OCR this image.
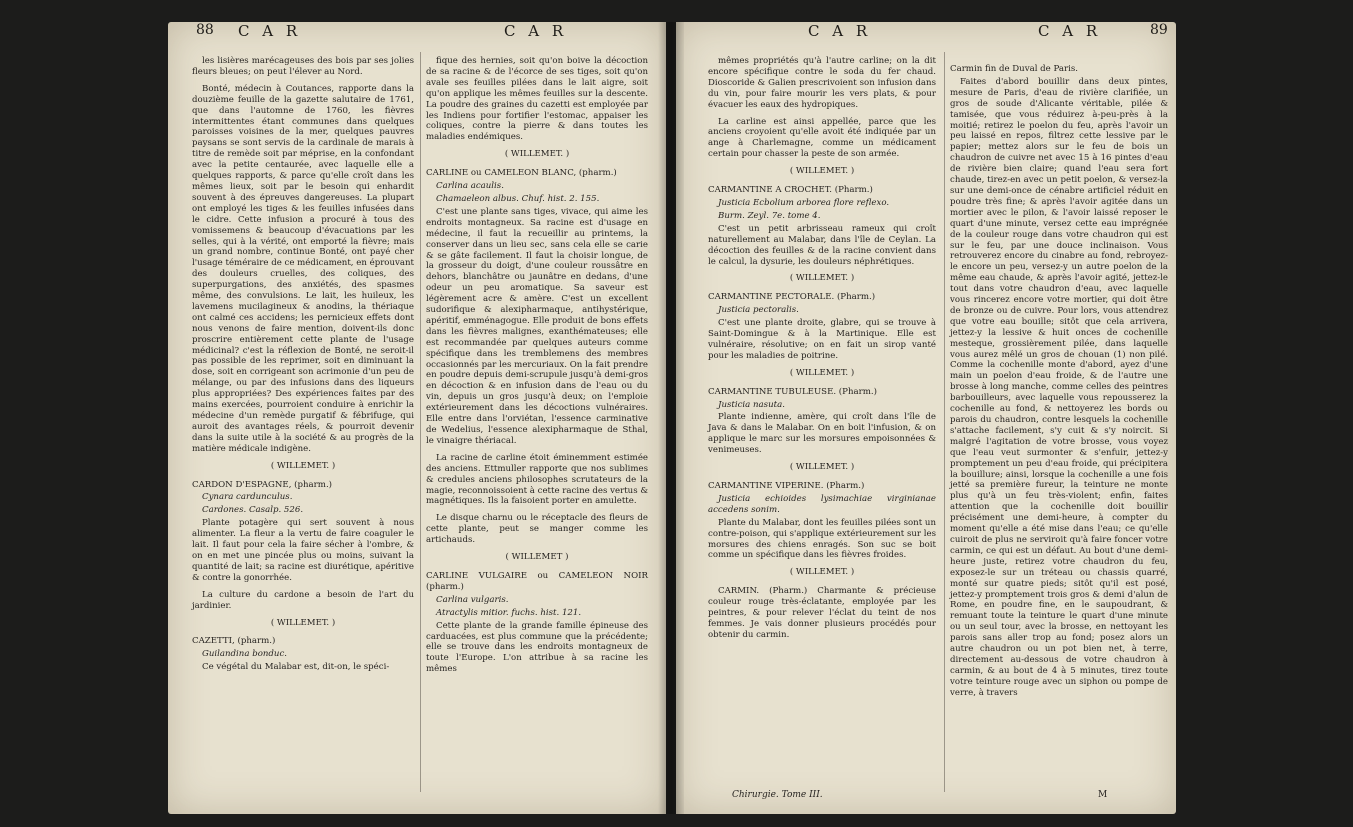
88 C A R	C A R	C A R	C A R	89

les lisières marécageuses des bois par ses jolies fleurs bleues; on peut l'élever au Nord.

Bonté, médecin à Coutances, rapporte dans la douzième feuille de la gazette salutaire de 1761, que dans l'automne de 1760, les fièvres intermittentes étant communes dans quelques paroisses voisines de la mer, quelques pauvres paysans se sont servis de la cardinale de marais à titre de remède soit par méprise, en la confondant avec la petite centaurée, avec laquelle elle a quelques rapports, & parce qu'elle croît dans les mêmes lieux, soit par le besoin qui enhardit souvent à des épreuves dangereuses. La plupart ont employé les tiges & les feuilles infusées dans le cidre. Cette infusion a procuré à tous des vomissemens & beaucoup d'évacuations par les selles, qui à la vérité, ont emporté la fièvre; mais un grand nombre, continue Bonté, ont payé cher l'usage téméraire de ce médicament, en éprouvant des douleurs cruelles, des coliques, des superpurgations, des anxiétés, des spasmes même, des convulsions. Le lait, les huileux, les lavemens mucilagineux & anodins, la thériaque ont calmé ces accidens; les pernicieux effets dont nous venons de faire mention, doivent-ils donc proscrire entièrement cette plante de l'usage médicinal? c'est la réflexion de Bonté, ne seroit-il pas possible de les reprimer, soit en diminuant la dose, soit en corrigeant son acrimonie d'un peu de mélange, ou par des infusions dans des liqueurs plus appropriées? Des expériences faites par des mains exercées, pourroient conduire à enrichir la médecine d'un remède purgatif & fébrifuge, qui auroit des avantages réels, & pourroit devenir dans la suite utile à la société & au progrès de la matière médicale indigène.

( WILLEMET. )

CARDON D'ESPAGNE, (pharm.)

Cynara cardunculus.

Cardones. Casalp. 526.

Plante potagère qui sert souvent à nous alimenter. La fleur a la vertu de faire coaguler le lait. Il faut pour cela la faire sécher à l'ombre, & on en met une pincée plus ou moins, suivant la quantité de lait; sa racine est diurétique, apéritive & contre la gonorrhée.

La culture du cardone a besoin de l'art du jardinier.

( WILLEMET. )

CAZETTI, (pharm.)

Guilandina bonduc.

Ce végétal du Malabar est, dit-on, le spéci-

fique des hernies, soit qu'on boive la décoction de sa racine & de l'écorce de ses tiges, soit qu'on avale ses feuilles pilées dans le lait aigre, soit qu'on applique les mêmes feuilles sur la descente. La poudre des graines du cazetti est employée par les Indiens pour fortifier l'estomac, appaiser les coliques, contre la pierre & dans toutes les maladies endémiques.

( WILLEMET. )

CARLINE ou CAMELEON BLANC, (pharm.)

Carlina acaulis.

Chamaeleon albus. Chuf. hist. 2. 155.

C'est une plante sans tiges, vivace, qui aime les endroits montagneux. Sa racine est d'usage en médecine, il faut la recueillir au printems, la conserver dans un lieu sec, sans cela elle se carie & se gâte facilement. Il faut la choisir longue, de la grosseur du doigt, d'une couleur roussâtre en dehors, blanchâtre ou jaunâtre en dedans, d'une odeur un peu aromatique. Sa saveur est légèrement acre & amère. C'est un excellent sudorifique & alexipharmaque, antihystérique, apéritif, emménagogue. Elle produit de bons effets dans les fièvres malignes, exanthémateuses; elle est recommandée par quelques auteurs comme spécifique dans les tremblemens des membres occasionnés par les mercuriaux. On la fait prendre en poudre depuis demi-scrupule jusqu'à demi-gros en décoction & en infusion dans de l'eau ou du vin, depuis un gros jusqu'à deux; on l'emploie extérieurement dans les décoctions vulnéraires. Elle entre dans l'orviétan, l'essence carminative de Wedelius, l'essence alexipharmaque de Sthal, le vinaigre thériacal.

La racine de carline étoit éminemment estimée des anciens. Ettmuller rapporte que nos sublimes & credules anciens philosophes scrutateurs de la magie, reconnoissoient à cette racine des vertus & magnétiques. Ils la faisoient porter en amulette.

Le disque charnu ou le réceptacle des fleurs de cette plante, peut se manger comme les artichauds.

( WILLEMET )

CARLINE VULGAIRE ou CAMELEON NOIR (pharm.)

Carlina vulgaris.

Atractylis mitior. fuchs. hist. 121.

Cette plante de la grande famille épineuse des carduacées, est plus commune que la précédente; elle se trouve dans les endroits montagneux de toute l'Europe. L'on attribue à sa racine les mêmes

mêmes propriétés qu'à l'autre carline; on la dit encore spécifique contre le soda du fer chaud. Dioscoride & Galien prescrivoient son infusion dans du vin, pour faire mourir les vers plats, & pour évacuer les eaux des hydropiques.

La carline est ainsi appellée, parce que les anciens croyoient qu'elle avoit été indiquée par un ange à Charlemagne, comme un médicament certain pour chasser la peste de son armée.

( WILLEMET. )

CARMANTINE A CROCHET. (Pharm.)

Justicia Ecbolium arborea flore reflexo.

Burm. Zeyl. 7e. tome 4.

C'est un petit arbrisseau rameux qui croît naturellement au Malabar, dans l'île de Ceylan. La décoction des feuilles & de la racine convient dans le calcul, la dysurie, les douleurs néphrétiques.

( WILLEMET. )

CARMANTINE PECTORALE. (Pharm.)

Justicia pectoralis.

C'est une plante droite, glabre, qui se trouve à Saint-Domingue & à la Martinique. Elle est vulnéraire, résolutive; on en fait un sirop vanté pour les maladies de poitrine.

( WILLEMET. )

CARMANTINE TUBULEUSE. (Pharm.)

Justicia nasuta.

Plante indienne, amère, qui croît dans l'île de Java & dans le Malabar. On en boit l'infusion, & on applique le marc sur les morsures empoisonnées & venimeuses.

( WILLEMET. )

CARMANTINE VIPERINE. (Pharm.)

Justicia echioides lysimachiae virginianae accedens sonim.

Plante du Malabar, dont les feuilles pilées sont un contre-poison, qui s'applique extérieurement sur les morsures des chiens enragés. Son suc se boit comme un spécifique dans les fièvres froides.

( WILLEMET. )

CARMIN. (Pharm.) Charmante & précieuse couleur rouge très-éclatante, employée par les peintres, & pour relever l'éclat du teint de nos femmes. Je vais donner plusieurs procédés pour obtenir du carmin.

Carmin fin de Duval de Paris.

Faites d'abord bouillir dans deux pintes, mesure de Paris, d'eau de rivière clarifiée, un gros de soude d'Alicante véritable, pilée & tamisée, que vous réduirez à-peu-près à la moitié; retirez le poelon du feu, après l'avoir un peu laissé en repos, filtrez cette lessive par le papier; mettez alors sur le feu de bois un chaudron de cuivre net avec 15 à 16 pintes d'eau de rivière bien claire; quand l'eau sera fort chaude, tirez-en avec un petit poelon, & versez-la sur une demi-once de cénabre artificiel réduit en poudre très fine; & après l'avoir agitée dans un mortier avec le pilon, & l'avoir laissé reposer le quart d'une minute, versez cette eau imprégnée de la couleur rouge dans votre chaudron qui est sur le feu, par une douce inclinaison. Vous retrouverez encore du cinabre au fond, rebroyez-le encore un peu, versez-y un autre poelon de la même eau chaude, & après l'avoir agité, jettez-le tout dans votre chaudron d'eau, avec laquelle vous rincerez encore votre mortier, qui doit être de bronze ou de cuivre. Pour lors, vous attendrez que votre eau bouille; sitôt que cela arrivera, jettez-y la lessive & huit onces de cochenille mesteque, grossièrement pilée, dans laquelle vous aurez mêlé un gros de chouan (1) non pilé. Comme la cochenille monte d'abord, ayez d'une main un poelon d'eau froide, & de l'autre une brosse à long manche, comme celles des peintres barbouilleurs, avec laquelle vous repousserez la cochenille au fond, & nettoyerez les bords ou parois du chaudron, contre lesquels la cochenille s'attache facilement, s'y cuit & s'y noircit. Si malgré l'agitation de votre brosse, vous voyez que l'eau veut surmonter & s'enfuir, jettez-y promptement un peu d'eau froide, qui précipitera la bouillure; ainsi, lorsque la cochenille a une fois jetté sa première fureur, la teinture ne monte plus qu'à un feu très-violent; enfin, faites attention que la cochenille doit bouillir précisément une demi-heure, à compter du moment qu'elle a été mise dans l'eau; ce qu'elle cuiroit de plus ne serviroit qu'à faire foncer votre carmin, ce qui est un défaut. Au bout d'une demi-heure juste, retirez votre chaudron du feu, exposez-le sur un tréteau ou chassis quarré, monté sur quatre pieds; sitôt qu'il est posé, jettez-y promptement trois gros & demi d'alun de Rome, en poudre fine, en le saupoudrant, & remuant toute la teinture le quart d'une minute ou un seul tour, avec la brosse, en nettoyant les parois sans aller trop au fond; posez alors un autre chaudron ou un pot bien net, à terre, directement au-dessous de votre chaudron à carmin, & au bout de 4 à 5 minutes, tirez toute votre teinture rouge avec un siphon ou pompe de verre, à travers

Chirurgie. Tome III.	M
